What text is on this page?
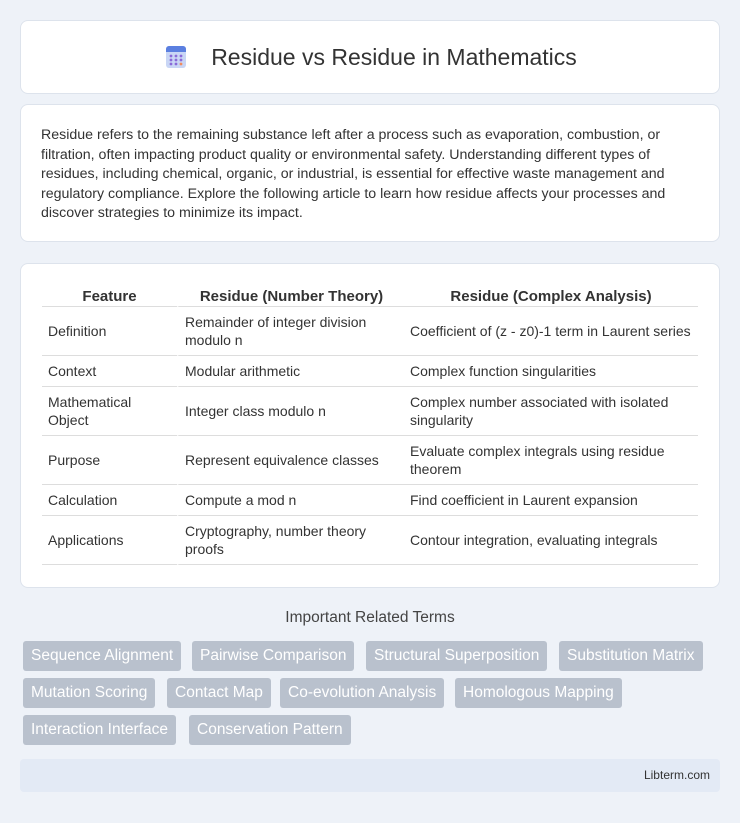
Residue vs Residue in Mathematics

Residue refers to the remaining substance left after a process such as evaporation, combustion, or filtration, often impacting product quality or environmental safety. Understanding different types of residues, including chemical, organic, or industrial, is essential for effective waste management and regulatory compliance. Explore the following article to learn how residue affects your processes and discover strategies to minimize its impact.

Feature	Residue (Number Theory)	Residue (Complex Analysis)
Definition	Remainder of integer division modulo n	Coefficient of (z - z0)-1 term in Laurent series
Context	Modular arithmetic	Complex function singularities
Mathematical Object	Integer class modulo n	Complex number associated with isolated singularity
Purpose	Represent equivalence classes	Evaluate complex integrals using residue theorem
Calculation	Compute a mod n	Find coefficient in Laurent expansion
Applications	Cryptography, number theory proofs	Contour integration, evaluating integrals
Important Related Terms
Sequence Alignment	Pairwise Comparison	Structural Superposition	Substitution Matrix
Mutation Scoring	Contact Map	Co-evolution Analysis	Homologous Mapping
Interaction Interface	Conservation Pattern
Libterm.com
